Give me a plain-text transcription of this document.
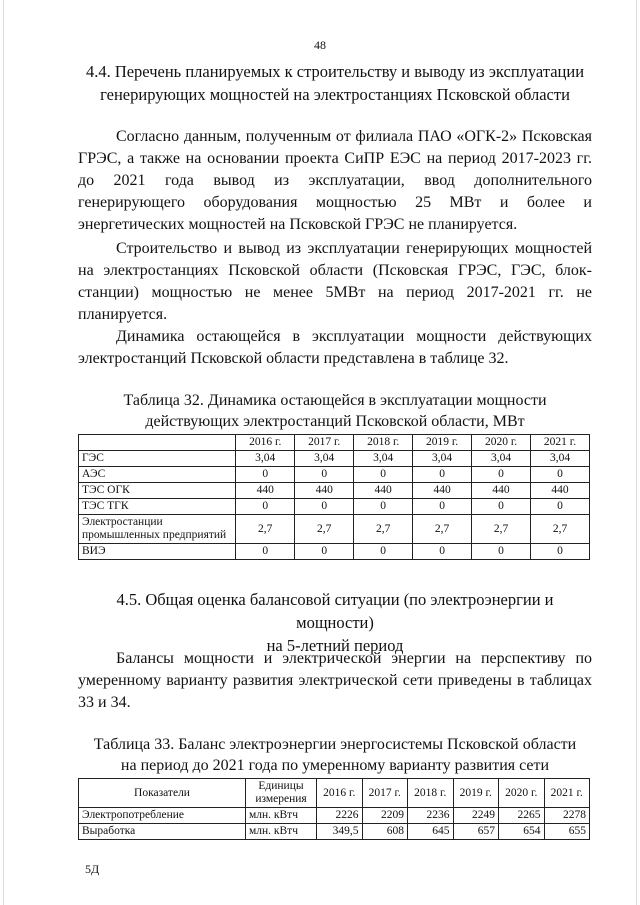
48
4.4. Перечень планируемых к строительству и выводу из эксплуатации
генерирующих мощностей на электростанциях Псковской области

Согласно данным, полученным от филиала ПАО «ОГК-2» Псковская ГРЭС, а также на основании проекта СиПР ЕЭС на период 2017-2023 гг. до 2021 года вывод из эксплуатации, ввод дополнительного генерирующего оборудования мощностью 25 МВт и более и энергетических мощностей на Псковской ГРЭС не планируется.

Строительство и вывод из эксплуатации генерирующих мощностей на электростанциях Псковской области (Псковская ГРЭС, ГЭС, блок-станции) мощностью не менее 5МВт на период 2017-2021 гг. не планируется.

Динамика остающейся в эксплуатации мощности действующих электростанций Псковской области представлена в таблице 32.

Таблица 32. Динамика остающейся в эксплуатации мощности
действующих электростанций Псковской области, МВт
	2016 г.	2017 г.	2018 г.	2019 г.	2020 г.	2021 г.
ГЭС	3,04	3,04	3,04	3,04	3,04	3,04
АЭС	0	0	0	0	0	0
ТЭС ОГК	440	440	440	440	440	440
ТЭС ТГК	0	0	0	0	0	0
Электростанции промышленных предприятий	2,7	2,7	2,7	2,7	2,7	2,7
ВИЭ	0	0	0	0	0	0
4.5. Общая оценка балансовой ситуации (по электроэнергии и мощности)
на 5-летний период

Балансы мощности и электрической энергии на перспективу по умеренному варианту развития электрической сети приведены в таблицах 33 и 34.

Таблица 33. Баланс электроэнергии энергосистемы Псковской области
на период до 2021 года по умеренному варианту развития сети
Показатели	Единицы измерения	2016 г.	2017 г.	2018 г.	2019 г.	2020 г.	2021 г.
Электропотребление	млн. кВтч	2226	2209	2236	2249	2265	2278
Выработка	млн. кВтч	349,5	608	645	657	654	655
5Д
